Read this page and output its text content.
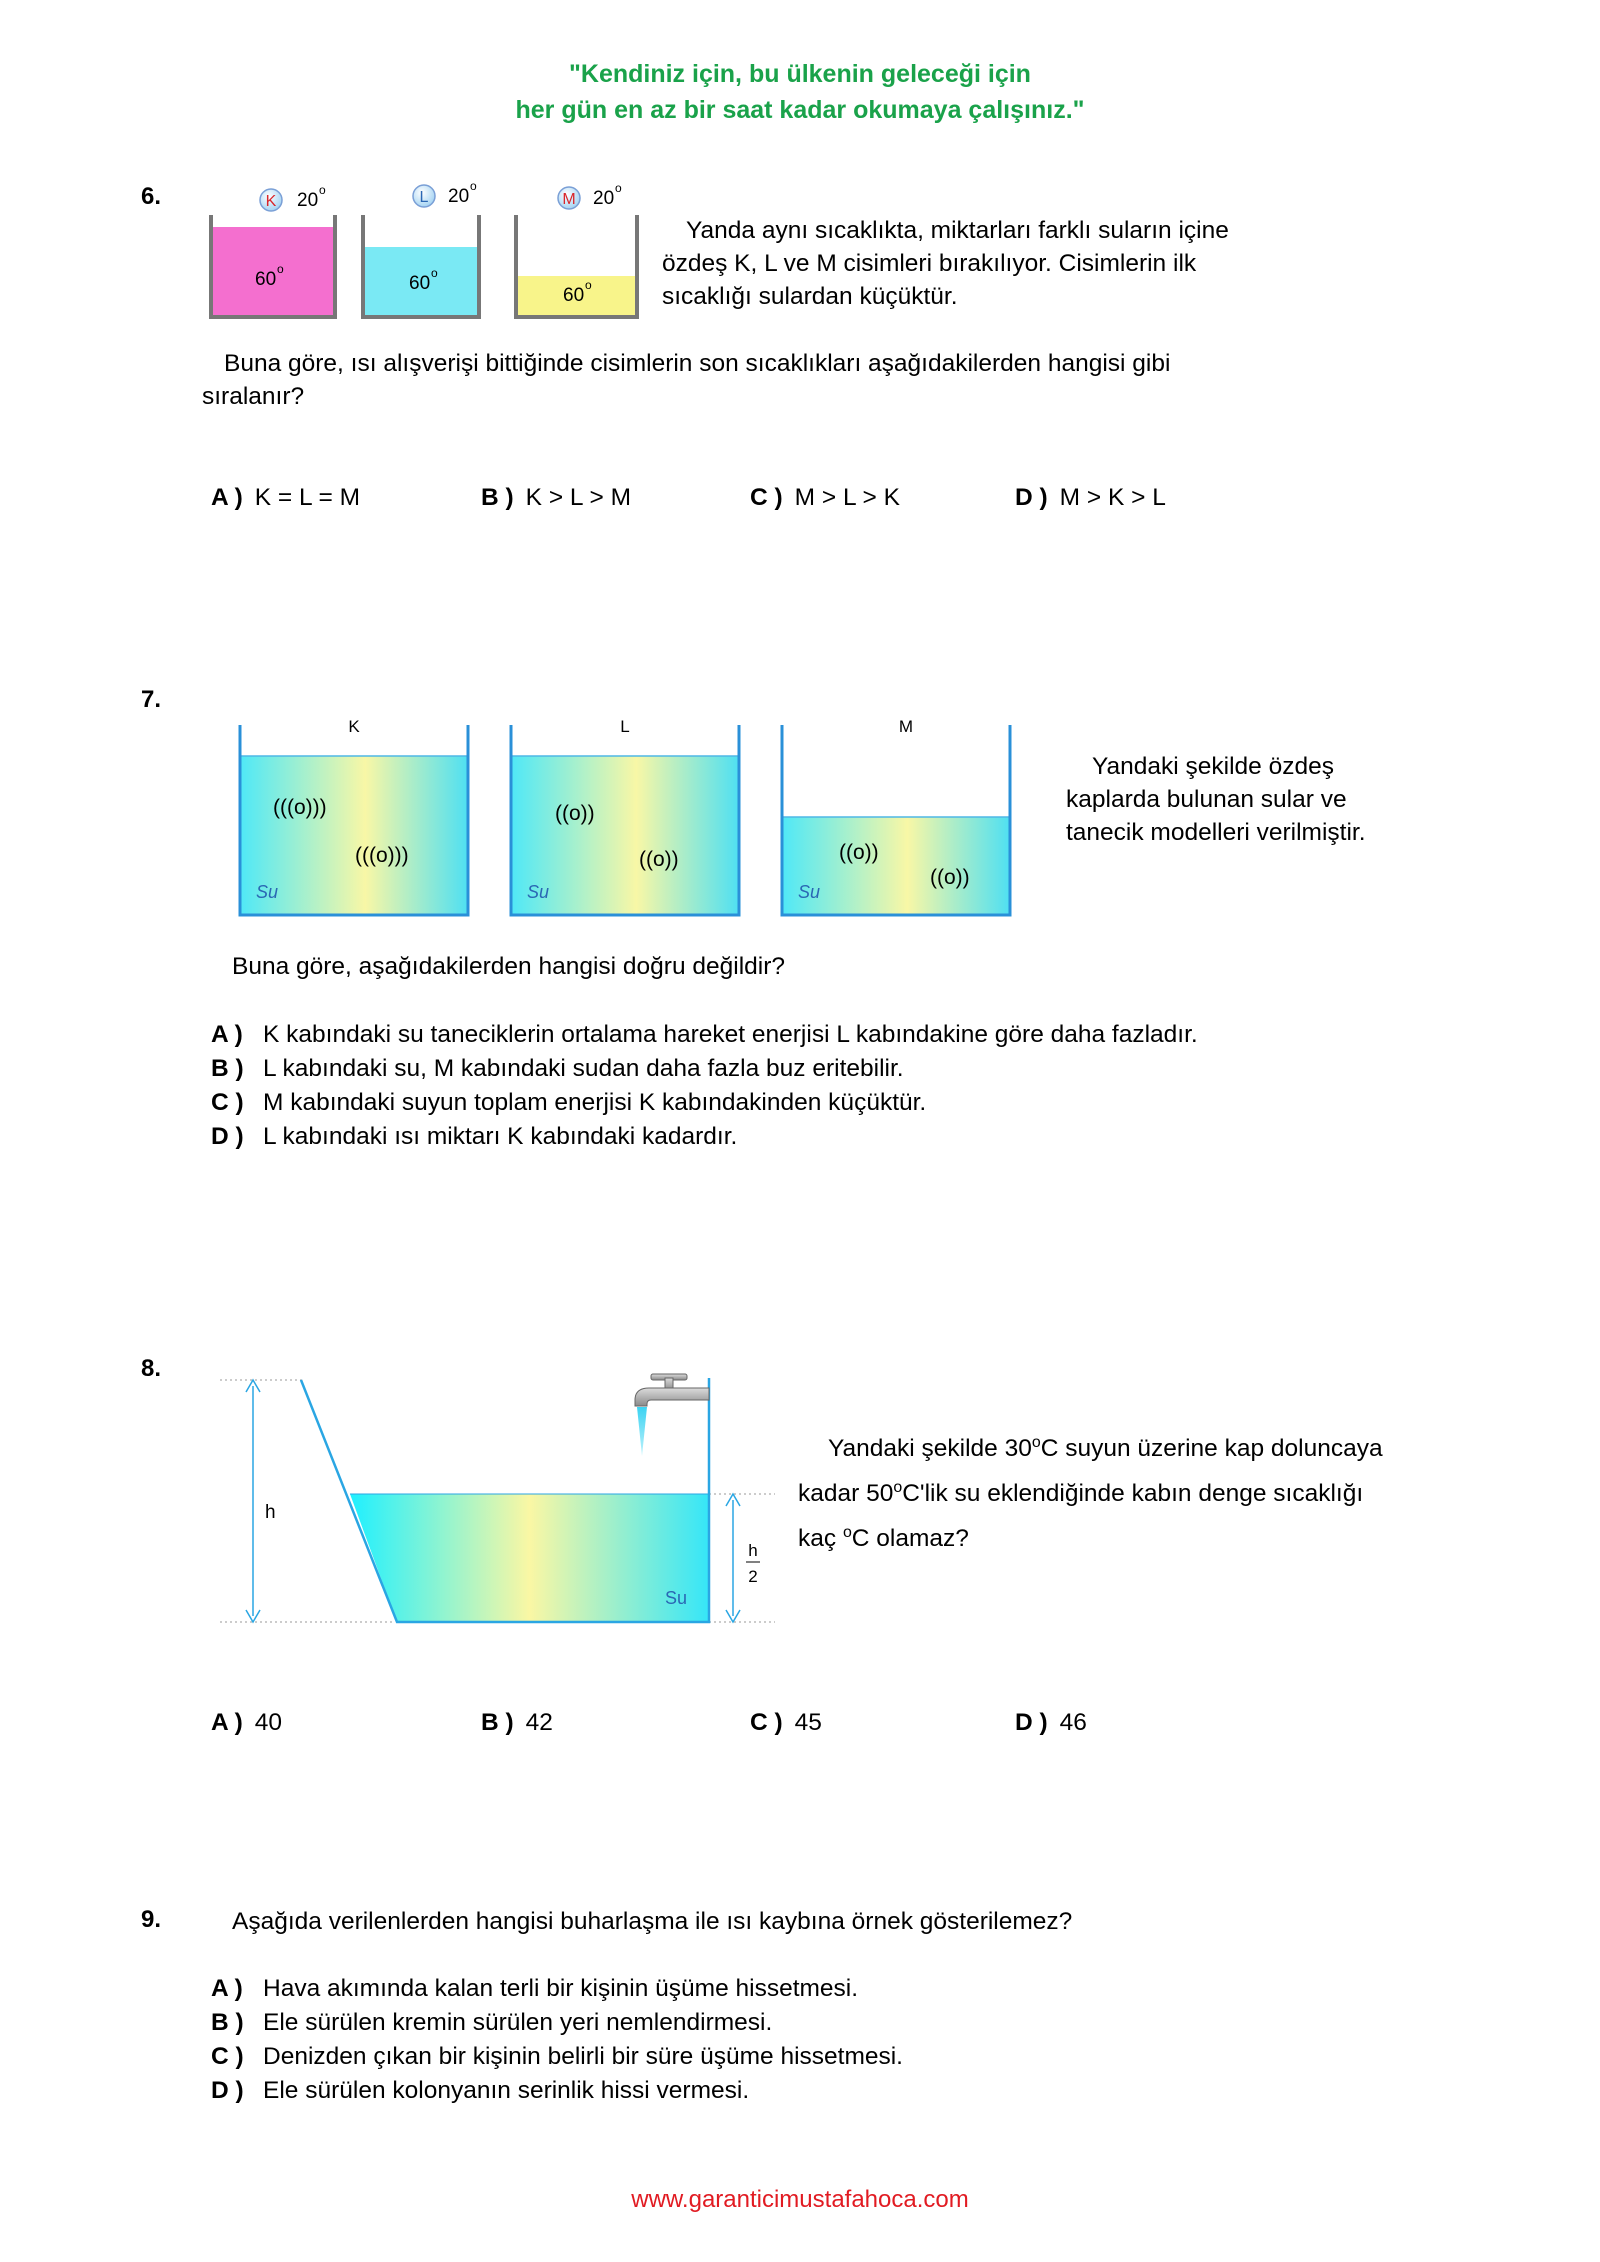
"Kendiniz için, bu ülkenin geleceği için
her gün en az bir saat kadar okumaya çalışınız."
6.	K 20 o
60 o
L 20 o
60 o
M 20 o
60 o
Yanda aynı sıcaklıkta, miktarları farklı suların içine
özdeş K, L ve M cisimleri bırakılıyor. Cisimlerin ilk
sıcaklığı sulardan küçüktür.
Buna göre, ısı alışverişi bittiğinde cisimlerin son sıcaklıkları aşağıdakilerden hangisi gibi
sıralanır?
A ) K = L = M	B ) K > L > M	C ) M > L > K	D ) M > K > L
7.
K
(((o)))
(((o)))
Su
L
((o))
((o))
Su
M
((o))
((o))
Su
Yandaki şekilde özdeş
kaplarda bulunan sular ve
tanecik modelleri verilmiştir.
Buna göre, aşağıdakilerden hangisi doğru değildir?
A ) K kabındaki su taneciklerin ortalama hareket enerjisi L kabındakine göre daha fazladır.
B ) L kabındaki su, M kabındaki sudan daha fazla buz eritebilir.
C ) M kabındaki suyun toplam enerjisi K kabındakinden küçüktür.
D ) L kabındaki ısı miktarı K kabındaki kadardır.
8.
h
Su
h
2
Yandaki şekilde 30$^o$C suyun üzerine kap doluncaya
kadar 50$^o$C'lik su eklendiğinde kabın denge sıcaklığı
kaç $^o$C olamaz?
A ) 40	B ) 42	C ) 45	D ) 46
9.	Aşağıda verilenlerden hangisi buharlaşma ile ısı kaybına örnek gösterilemez?
A ) Hava akımında kalan terli bir kişinin üşüme hissetmesi.
B ) Ele sürülen kremin sürülen yeri nemlendirmesi.
C ) Denizden çıkan bir kişinin belirli bir süre üşüme hissetmesi.
D ) Ele sürülen kolonyanın serinlik hissi vermesi.
www.garanticimustafahoca.com
